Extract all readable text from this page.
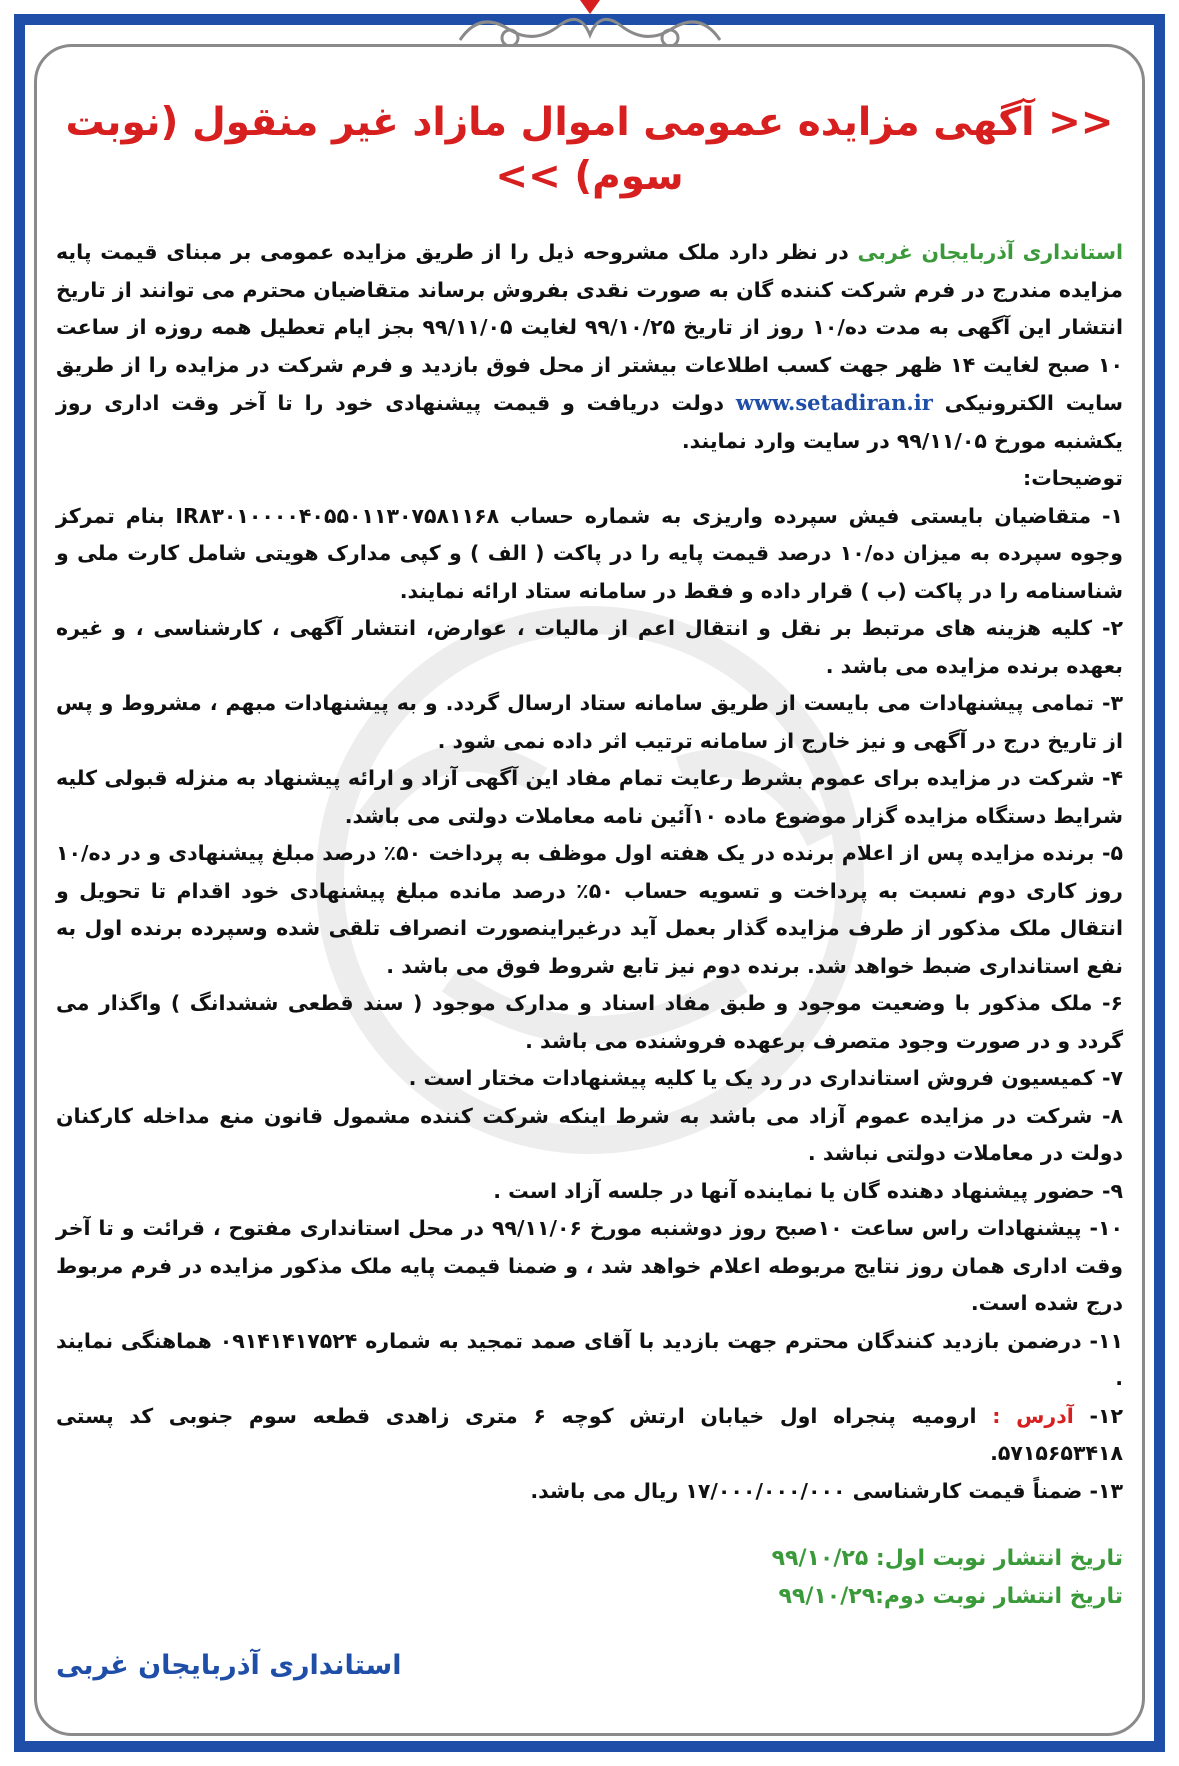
<< آگهی مزایده عمومی اموال مازاد غیر منقول (نوبت سوم) >>

استانداری آذربایجان غربی در نظر دارد ملک مشروحه ذیل را از طریق مزایده عمومی بر مبنای قیمت پایه مزایده مندرج در فرم شرکت کننده گان به صورت نقدی بفروش برساند متقاضیان محترم می توانند از تاریخ انتشار این آگهی به مدت ده/۱۰ روز از تاریخ ۹۹/۱۰/۲۵ لغایت ۹۹/۱۱/۰۵ بجز ایام تعطیل همه روزه از ساعت ۱۰ صبح لغایت ۱۴ ظهر جهت کسب اطلاعات بیشتر از محل فوق بازدید و فرم شرکت در مزایده را از طریق سایت الکترونیکی www.setadiran.ir دولت دریافت و قیمت پیشنهادی خود را تا آخر وقت اداری روز یکشنبه مورخ ۹۹/۱۱/۰۵ در سایت وارد نمایند.

توضیحات:

۱- متقاضیان بایستی فیش سپرده واریزی به شماره حساب IR۸۳۰۱۰۰۰۰۴۰۵۵۰۱۱۳۰۷۵۸۱۱۶۸ بنام تمرکز وجوه سپرده به میزان ده/۱۰ درصد قیمت پایه را در پاکت ( الف ) و کپی مدارک هویتی شامل کارت ملی و شناسنامه را در پاکت (ب ) قرار داده و فقط در سامانه ستاد ارائه نمایند.

۲- کلیه هزینه های مرتبط بر نقل و انتقال اعم از مالیات ، عوارض، انتشار آگهی ، کارشناسی ، و غیره بعهده برنده مزایده می باشد .

۳- تمامی پیشنهادات می بایست از طریق سامانه ستاد ارسال گردد. و به پیشنهادات مبهم ، مشروط و پس از تاریخ درج در آگهی و نیز خارج از سامانه ترتیب اثر داده نمی شود .

۴- شرکت در مزایده برای عموم بشرط رعایت تمام مفاد این آگهی آزاد و ارائه پیشنهاد به منزله قبولی کلیه شرایط دستگاه مزایده گزار موضوع ماده ۱۰آئین نامه معاملات دولتی می باشد.

۵- برنده مزایده پس از اعلام برنده در یک هفته اول موظف به پرداخت ۵۰٪ درصد مبلغ پیشنهادی و در ده/۱۰ روز کاری دوم نسبت به پرداخت و تسویه حساب ۵۰٪ درصد مانده مبلغ پیشنهادی خود اقدام تا تحویل و انتقال ملک مذکور از طرف مزایده گذار بعمل آید درغیراینصورت انصراف تلقی شده وسپرده برنده اول به نفع استانداری ضبط خواهد شد. برنده دوم نیز تابع شروط فوق می باشد .

۶- ملک مذکور با وضعیت موجود و طبق مفاد اسناد و مدارک موجود ( سند قطعی ششدانگ ) واگذار می گردد و در صورت وجود متصرف برعهده فروشنده می باشد .

۷- کمیسیون فروش استانداری در رد یک یا کلیه پیشنهادات مختار است .

۸- شرکت در مزایده عموم آزاد می باشد به شرط اینکه شرکت کننده مشمول قانون منع مداخله کارکنان دولت در معاملات دولتی نباشد .

۹- حضور پیشنهاد دهنده گان یا نماینده آنها در جلسه آزاد است .

۱۰- پیشنهادات راس ساعت ۱۰صبح روز دوشنبه مورخ ۹۹/۱۱/۰۶ در محل استانداری مفتوح ، قرائت و تا آخر وقت اداری همان روز نتایج مربوطه اعلام خواهد شد ، و ضمنا قیمت پایه ملک مذکور مزایده در فرم مربوط درج شده است.

۱۱- درضمن بازدید کنندگان محترم جهت بازدید با آقای صمد تمجید به شماره ۰۹۱۴۱۴۱۷۵۲۴ هماهنگی نمایند .

۱۲- آدرس : ارومیه پنجراه اول خیابان ارتش کوچه ۶ متری زاهدی قطعه سوم جنوبی کد پستی ۵۷۱۵۶۵۳۴۱۸.

۱۳- ضمناً قیمت کارشناسی ۱۷/۰۰۰/۰۰۰/۰۰۰ ریال می باشد.

تاریخ انتشار نوبت اول: ۹۹/۱۰/۲۵
تاریخ انتشار نوبت دوم:۹۹/۱۰/۲۹
استانداری آذربایجان غربی
